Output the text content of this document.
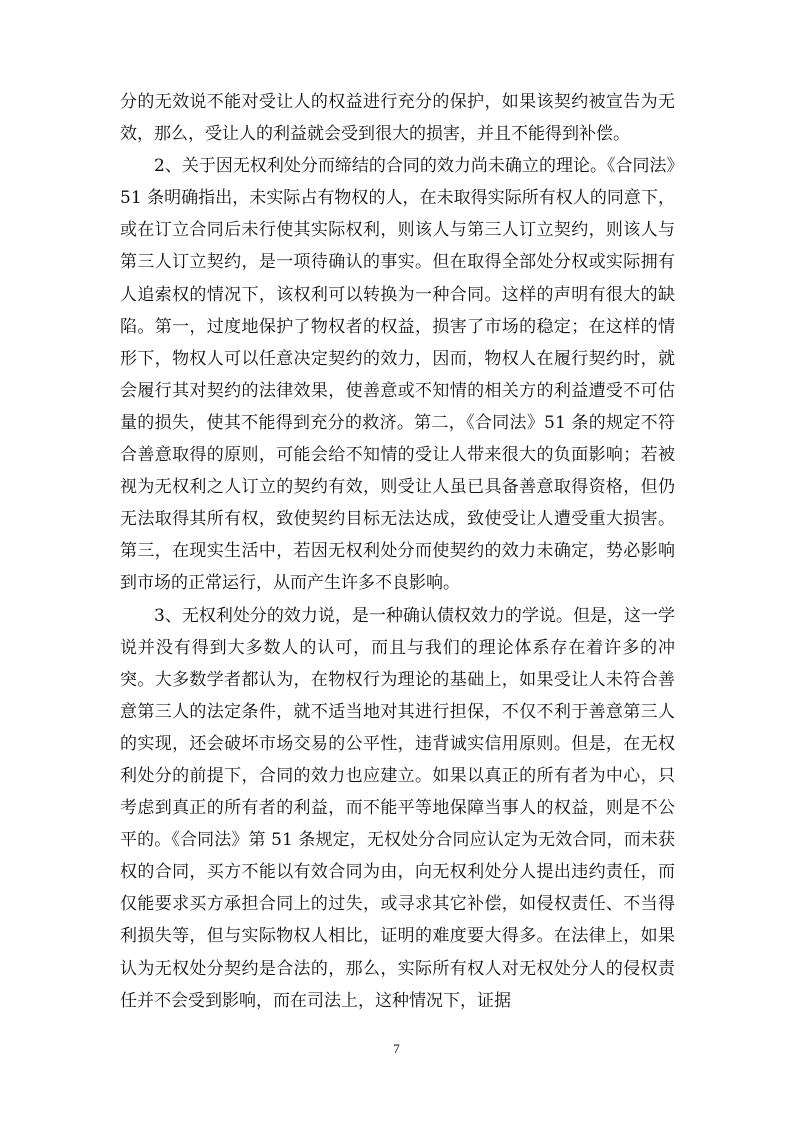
分的无效说不能对受让人的权益进行充分的保护，如果该契约被宣告为无效，那么，受让人的利益就会受到很大的损害，并且不能得到补偿。

2、关于因无权利处分而缔结的合同的效力尚未确立的理论。《合同法》51 条明确指出，未实际占有物权的人，在未取得实际所有权人的同意下，或在订立合同后未行使其实际权利，则该人与第三人订立契约，则该人与第三人订立契约，是一项待确认的事实。但在取得全部处分权或实际拥有人追索权的情况下，该权利可以转换为一种合同。这样的声明有很大的缺陷。第一，过度地保护了物权者的权益，损害了市场的稳定；在这样的情形下，物权人可以任意决定契约的效力，因而，物权人在履行契约时，就会履行其对契约的法律效果，使善意或不知情的相关方的利益遭受不可估量的损失，使其不能得到充分的救济。第二，《合同法》51 条的规定不符合善意取得的原则，可能会给不知情的受让人带来很大的负面影响；若被视为无权利之人订立的契约有效，则受让人虽已具备善意取得资格，但仍无法取得其所有权，致使契约目标无法达成，致使受让人遭受重大损害。第三，在现实生活中，若因无权利处分而使契约的效力未确定，势必影响到市场的正常运行，从而产生许多不良影响。

3、无权利处分的效力说，是一种确认债权效力的学说。但是，这一学说并没有得到大多数人的认可，而且与我们的理论体系存在着许多的冲突。大多数学者都认为，在物权行为理论的基础上，如果受让人未符合善意第三人的法定条件，就不适当地对其进行担保，不仅不利于善意第三人的实现，还会破坏市场交易的公平性，违背诚实信用原则。但是，在无权利处分的前提下，合同的效力也应建立。如果以真正的所有者为中心，只考虑到真正的所有者的利益，而不能平等地保障当事人的权益，则是不公平的。《合同法》第 51 条规定，无权处分合同应认定为无效合同，而未获权的合同，买方不能以有效合同为由，向无权利处分人提出违约责任，而仅能要求买方承担合同上的过失，或寻求其它补偿，如侵权责任、不当得利损失等，但与实际物权人相比，证明的难度要大得多。在法律上，如果认为无权处分契约是合法的，那么，实际所有权人对无权处分人的侵权责任并不会受到影响，而在司法上，这种情况下，证据

7
